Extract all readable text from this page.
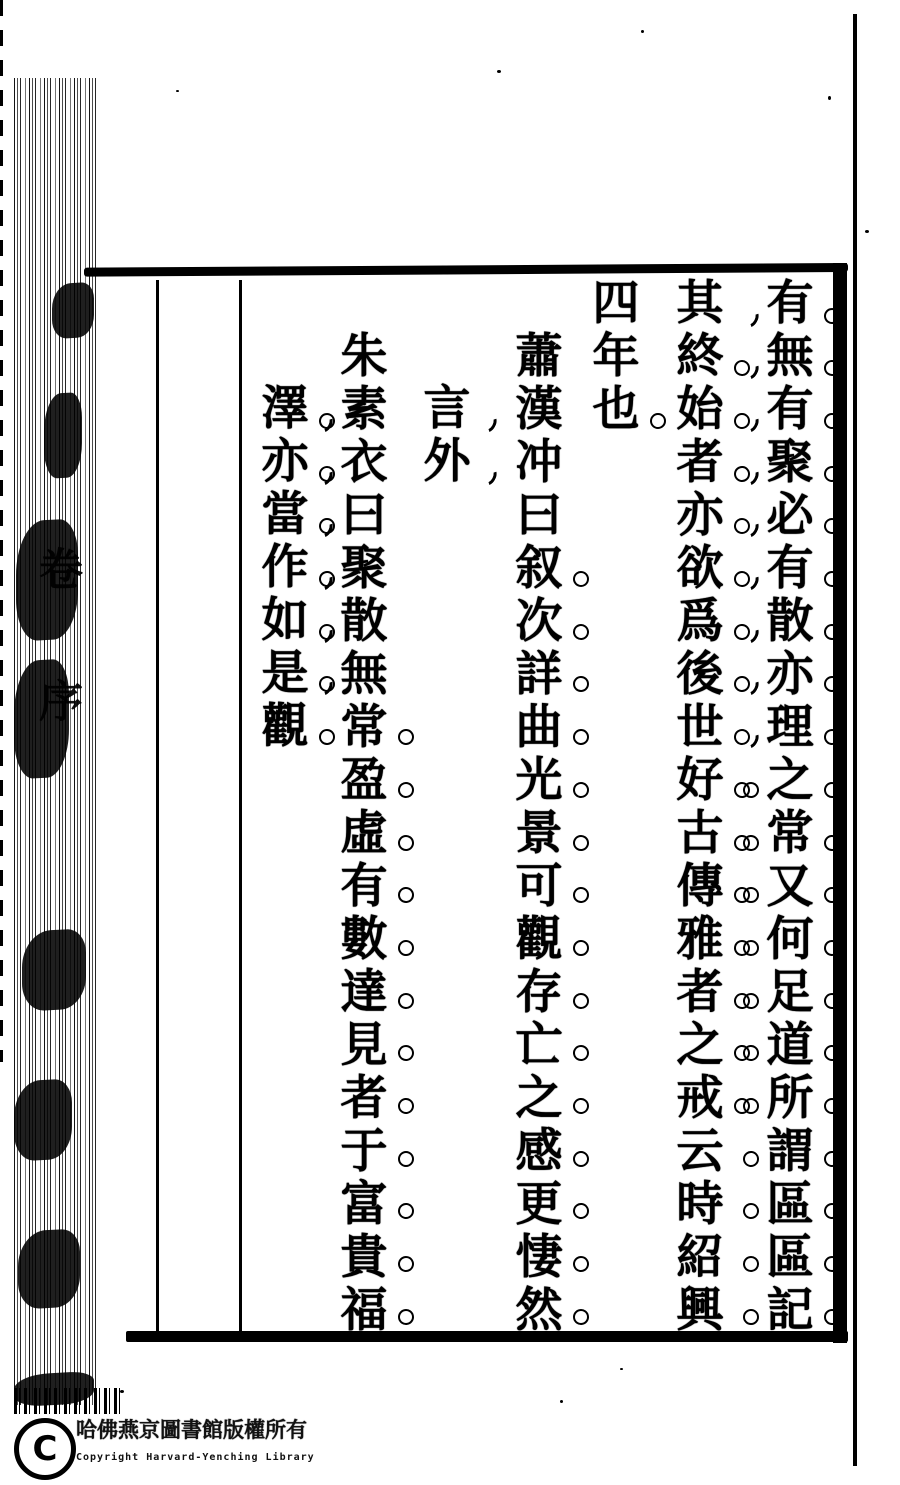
卷
序
有
無
有
聚
必
有
散
亦
理
之
常
又
何
足
道
所
謂
區
區
記
其
終
始
者
亦
欲
爲
後
世
好
古
傳
雅
者
之
戒
云
時
紹
興
四
年
也
蕭
漢
冲
曰
叙
次
詳
曲
光
景
可
觀
存
亡
之
感
更
悽
然
言
外
朱
素
衣
曰
聚
散
無
常
盈
虛
有
數
達
見
者
于
富
貴
福
澤
亦
當
作
如
是
觀
C 哈佛燕京圖書館版權所有
Copyright Harvard-Yenching Library
